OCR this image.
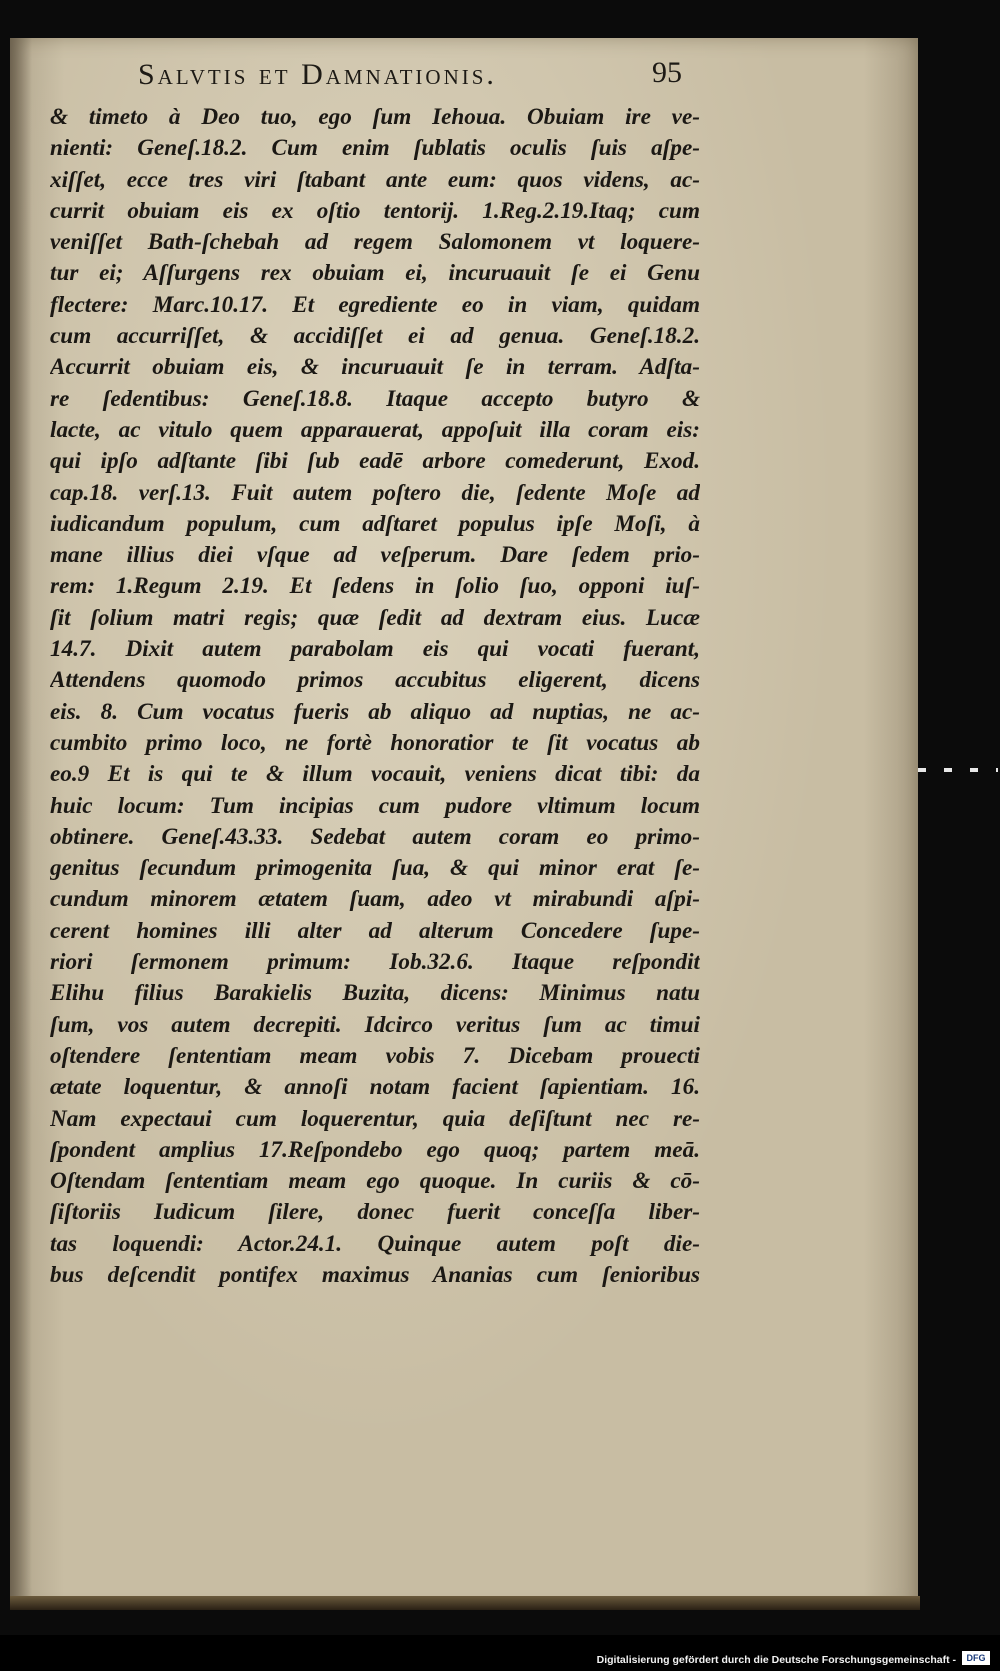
Salvtis et Damnationis.	95
& timeto à Deo tuo, ego ſum Iehoua. Obuiam ire ve-
nienti: Geneſ.18.2. Cum enim ſublatis oculis ſuis aſpe-
xiſſet, ecce tres viri ſtabant ante eum: quos videns, ac-
currit obuiam eis ex oſtio tentorij. 1.Reg.2.19.Itaq; cum
veniſſet Bath-ſchebah ad regem Salomonem vt loquere-
tur ei; Aſſurgens rex obuiam ei, incuruauit ſe ei Genu
flectere: Marc.10.17. Et egrediente eo in viam, quidam
cum accurriſſet, & accidiſſet ei ad genua. Geneſ.18.2.
Accurrit obuiam eis, & incuruauit ſe in terram. Adſta-
re ſedentibus: Geneſ.18.8. Itaque accepto butyro &
lacte, ac vitulo quem apparauerat, appoſuit illa coram eis:
qui ipſo adſtante ſibi ſub eadē arbore comederunt, Exod.
cap.18. verſ.13. Fuit autem poſtero die, ſedente Moſe ad
iudicandum populum, cum adſtaret populus ipſe Moſi, à
mane illius diei vſque ad veſperum. Dare ſedem prio-
rem: 1.Regum 2.19. Et ſedens in ſolio ſuo, opponi iuſ-
ſit ſolium matri regis; quæ ſedit ad dextram eius. Lucæ
14.7. Dixit autem parabolam eis qui vocati fuerant,
Attendens quomodo primos accubitus eligerent, dicens
eis. 8. Cum vocatus fueris ab aliquo ad nuptias, ne ac-
cumbito primo loco, ne fortè honoratior te ſit vocatus ab
eo.9 Et is qui te & illum vocauit, veniens dicat tibi: da
huic locum: Tum incipias cum pudore vltimum locum
obtinere. Geneſ.43.33. Sedebat autem coram eo primo-
genitus ſecundum primogenita ſua, & qui minor erat ſe-
cundum minorem ætatem ſuam, adeo vt mirabundi aſpi-
cerent homines illi alter ad alterum Concedere ſupe-
riori ſermonem primum: Iob.32.6. Itaque reſpondit
Elihu filius Barakielis Buzita, dicens: Minimus natu
ſum, vos autem decrepiti. Idcirco veritus ſum ac timui
oſtendere ſententiam meam vobis 7. Dicebam prouecti
ætate loquentur, & annoſi notam facient ſapientiam. 16.
Nam expectaui cum loquerentur, quia deſiſtunt nec re-
ſpondent amplius 17.Reſpondebo ego quoq; partem meā.
Oſtendam ſententiam meam ego quoque. In curiis & cō-
ſiſtoriis Iudicum ſilere, donec fuerit conceſſa liber-
tas loquendi: Actor.24.1. Quinque autem poſt die-
bus deſcendit pontifex maximus Ananias cum ſenioribus
Digitalisierung gefördert durch die Deutsche Forschungsgemeinschaft -	DFG
